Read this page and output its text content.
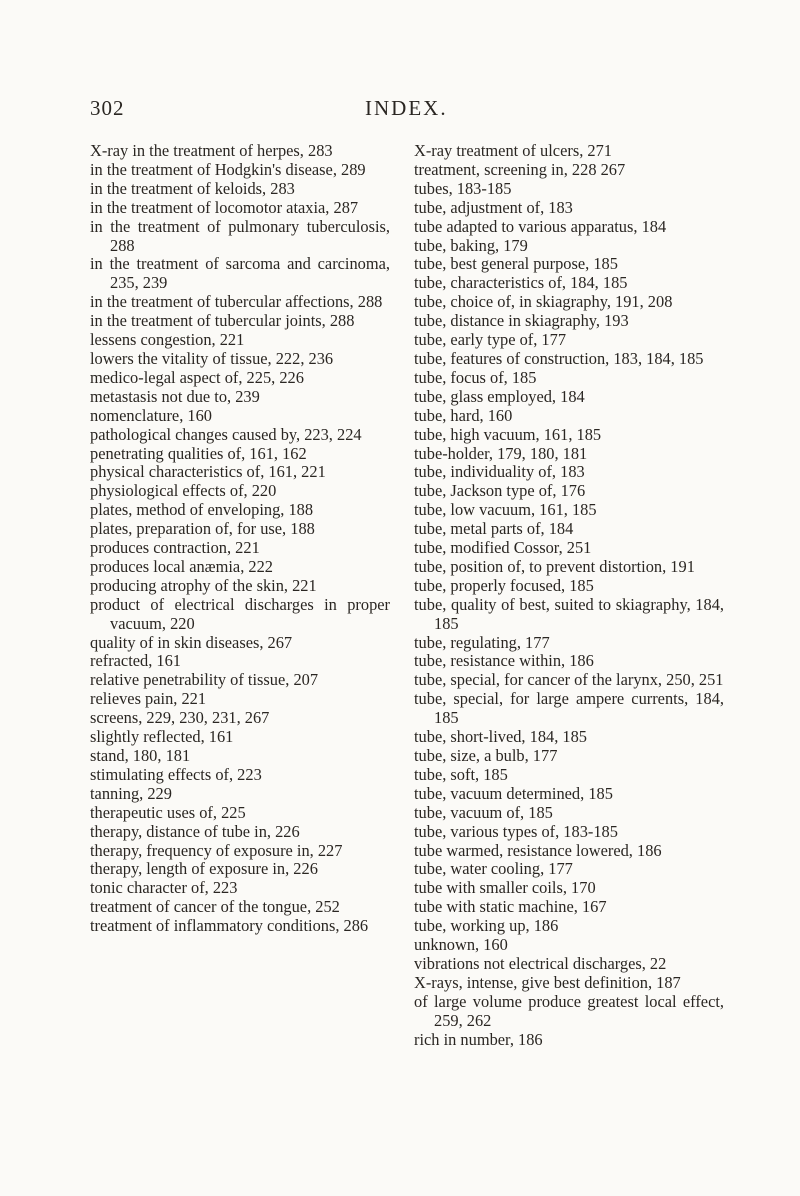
302	INDEX.

X-ray in the treatment of herpes, 283

in the treatment of Hodgkin's disease, 289

in the treatment of keloids, 283

in the treatment of locomotor ataxia, 287

in the treatment of pulmonary tuberculosis, 288

in the treatment of sarcoma and carcinoma, 235, 239

in the treatment of tubercular affections, 288

in the treatment of tubercular joints, 288

lessens congestion, 221

lowers the vitality of tissue, 222, 236

medico-legal aspect of, 225, 226

metastasis not due to, 239

nomenclature, 160

pathological changes caused by, 223, 224

penetrating qualities of, 161, 162

physical characteristics of, 161, 221

physiological effects of, 220

plates, method of enveloping, 188

plates, preparation of, for use, 188

produces contraction, 221

produces local anæmia, 222

producing atrophy of the skin, 221

product of electrical discharges in proper vacuum, 220

quality of in skin diseases, 267

refracted, 161

relative penetrability of tissue, 207

relieves pain, 221

screens, 229, 230, 231, 267

slightly reflected, 161

stand, 180, 181

stimulating effects of, 223

tanning, 229

therapeutic uses of, 225

therapy, distance of tube in, 226

therapy, frequency of exposure in, 227

therapy, length of exposure in, 226

tonic character of, 223

treatment of cancer of the tongue, 252

treatment of inflammatory conditions, 286

X-ray treatment of ulcers, 271

treatment, screening in, 228 267

tubes, 183-185

tube, adjustment of, 183

tube adapted to various apparatus, 184

tube, baking, 179

tube, best general purpose, 185

tube, characteristics of, 184, 185

tube, choice of, in skiagraphy, 191, 208

tube, distance in skiagraphy, 193

tube, early type of, 177

tube, features of construction, 183, 184, 185

tube, focus of, 185

tube, glass employed, 184

tube, hard, 160

tube, high vacuum, 161, 185

tube-holder, 179, 180, 181

tube, individuality of, 183

tube, Jackson type of, 176

tube, low vacuum, 161, 185

tube, metal parts of, 184

tube, modified Cossor, 251

tube, position of, to prevent distortion, 191

tube, properly focused, 185

tube, quality of best, suited to skiagraphy, 184, 185

tube, regulating, 177

tube, resistance within, 186

tube, special, for cancer of the larynx, 250, 251

tube, special, for large ampere currents, 184, 185

tube, short-lived, 184, 185

tube, size, a bulb, 177

tube, soft, 185

tube, vacuum determined, 185

tube, vacuum of, 185

tube, various types of, 183-185

tube warmed, resistance lowered, 186

tube, water cooling, 177

tube with smaller coils, 170

tube with static machine, 167

tube, working up, 186

unknown, 160

vibrations not electrical discharges, 22

X-rays, intense, give best definition, 187

of large volume produce greatest local effect, 259, 262

rich in number, 186
